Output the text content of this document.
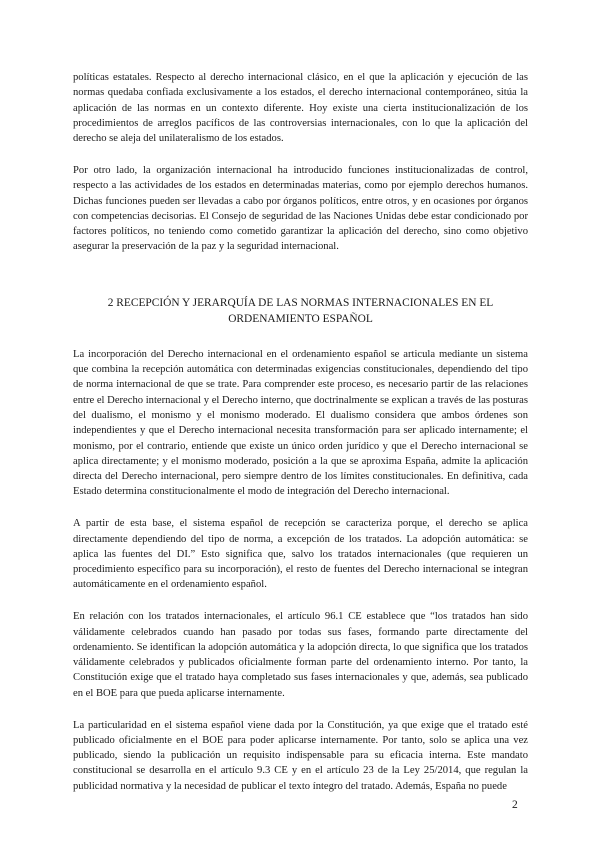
políticas estatales. Respecto al derecho internacional clásico, en el que la aplicación y ejecución de las normas quedaba confiada exclusivamente a los estados, el derecho internacional contemporáneo, sitúa la aplicación de las normas en un contexto diferente. Hoy existe una cierta institucionalización de los procedimientos de arreglos pacíficos de las controversias internacionales, con lo que la aplicación del derecho se aleja del unilateralismo de los estados.

Por otro lado, la organización internacional ha introducido funciones institucionalizadas de control, respecto a las actividades de los estados en determinadas materias, como por ejemplo derechos humanos. Dichas funciones pueden ser llevadas a cabo por órganos políticos, entre otros, y en ocasiones por órganos con competencias decisorias. El Consejo de seguridad de las Naciones Unidas debe estar condicionado por factores políticos, no teniendo como cometido garantizar la aplicación del derecho, sino como objetivo asegurar la preservación de la paz y la seguridad internacional.

2 RECEPCIÓN Y JERARQUÍA DE LAS NORMAS INTERNACIONALES EN EL ORDENAMIENTO ESPAÑOL

La incorporación del Derecho internacional en el ordenamiento español se articula mediante un sistema que combina la recepción automática con determinadas exigencias constitucionales, dependiendo del tipo de norma internacional de que se trate. Para comprender este proceso, es necesario partir de las relaciones entre el Derecho internacional y el Derecho interno, que doctrinalmente se explican a través de las posturas del dualismo, el monismo y el monismo moderado. El dualismo considera que ambos órdenes son independientes y que el Derecho internacional necesita transformación para ser aplicado internamente; el monismo, por el contrario, entiende que existe un único orden jurídico y que el Derecho internacional se aplica directamente; y el monismo moderado, posición a la que se aproxima España, admite la aplicación directa del Derecho internacional, pero siempre dentro de los límites constitucionales. En definitiva, cada Estado determina constitucionalmente el modo de integración del Derecho internacional.

A partir de esta base, el sistema español de recepción se caracteriza porque, el derecho se aplica directamente dependiendo del tipo de norma, a excepción de los tratados. La adopción automática: se aplica las fuentes del DI.” Esto significa que, salvo los tratados internacionales (que requieren un procedimiento específico para su incorporación), el resto de fuentes del Derecho internacional se integran automáticamente en el ordenamiento español.

En relación con los tratados internacionales, el artículo 96.1 CE establece que “los tratados han sido válidamente celebrados cuando han pasado por todas sus fases, formando parte directamente del ordenamiento. Se identifican la adopción automática y la adopción directa, lo que significa que los tratados válidamente celebrados y publicados oficialmente forman parte del ordenamiento interno. Por tanto, la Constitución exige que el tratado haya completado sus fases internacionales y que, además, sea publicado en el BOE para que pueda aplicarse internamente.

La particularidad en el sistema español viene dada por la Constitución, ya que exige que el tratado esté publicado oficialmente en el BOE para poder aplicarse internamente. Por tanto, solo se aplica una vez publicado, siendo la publicación un requisito indispensable para su eficacia interna. Este mandato constitucional se desarrolla en el artículo 9.3 CE y en el artículo 23 de la Ley 25/2014, que regulan la publicidad normativa y la necesidad de publicar el texto íntegro del tratado. Además, España no puede

2
